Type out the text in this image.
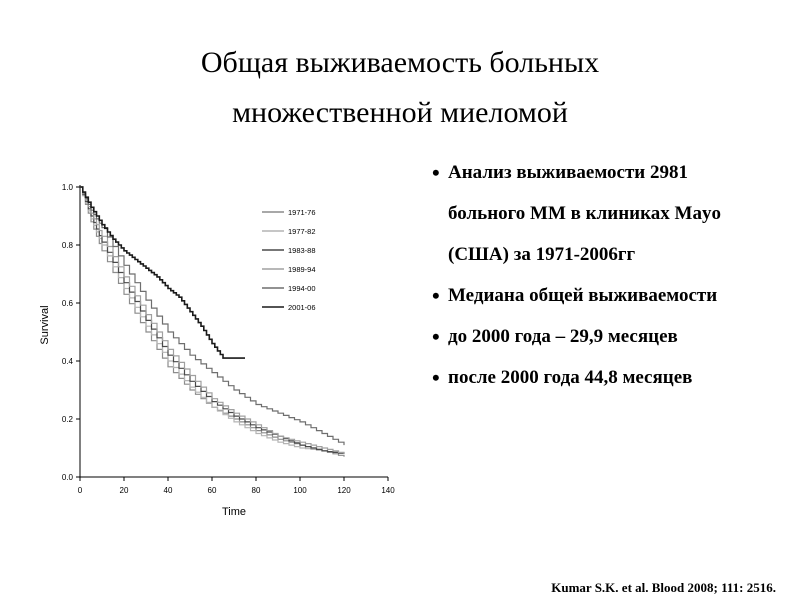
Общая выживаемость больных
множественной миеломой
0	20	40	60	80	100	120	140
0.0
0.2
0.4
0.6
0.8
1.0
1971-76
1977-82
1983-88
1989-94
1994-00
2001-06
Time
Survival
• Анализ выживаемости 2981
больного ММ в клиниках Мayo
(США) за 1971-2006гг
• Медиана общей выживаемости
• до 2000 года – 29,9 месяцев
• после 2000 года 44,8 месяцев
Kumar S.K. et al. Blood 2008; 111: 2516.
